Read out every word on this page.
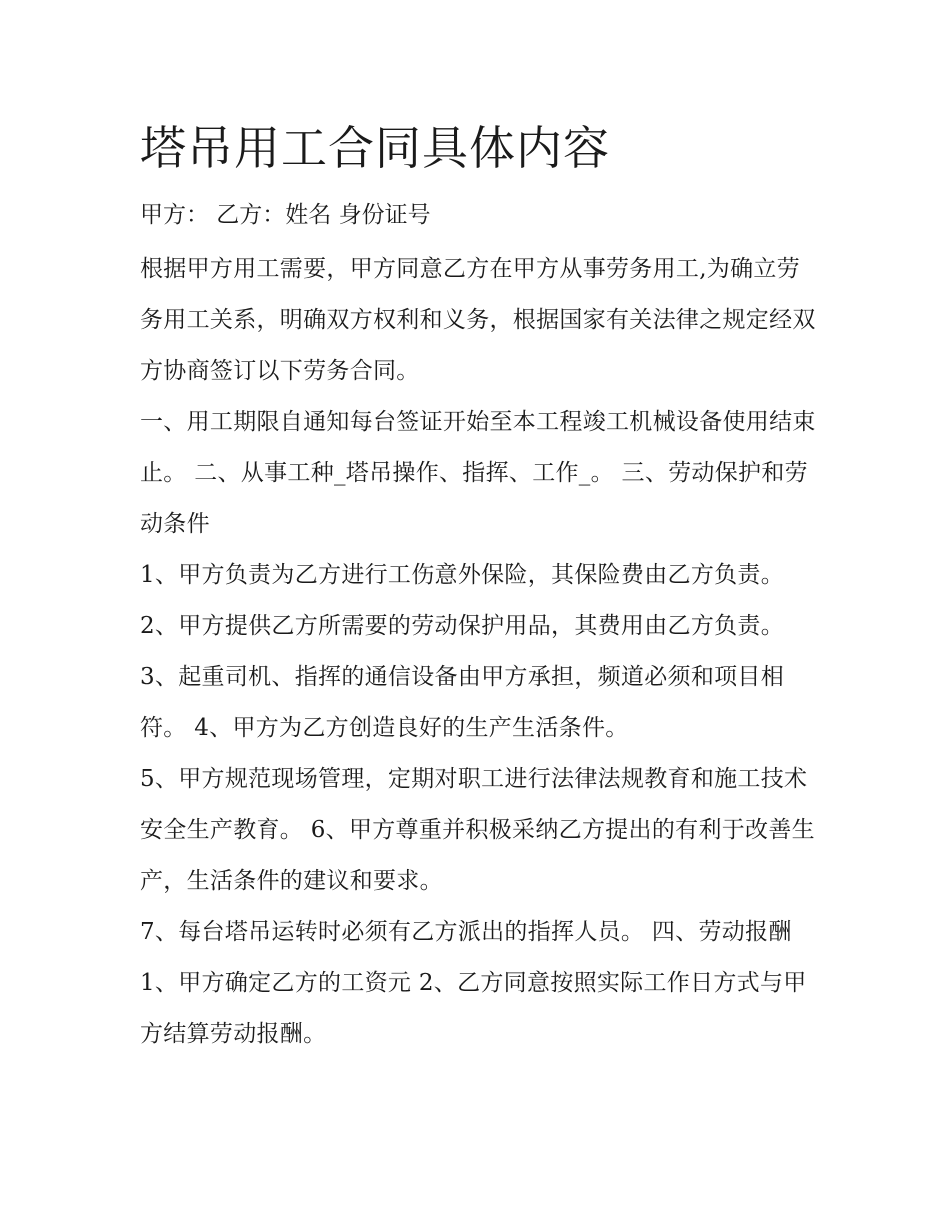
塔吊用工合同具体内容

甲方： 乙方：姓名 身份证号

根据甲方用工需要，甲方同意乙方在甲方从事劳务用工,为确立劳务用工关系，明确双方权利和义务，根据国家有关法律之规定经双方协商签订以下劳务合同。

一、用工期限自通知每台签证开始至本工程竣工机械设备使用结束止。 二、从事工种_塔吊操作、指挥、工作_。 三、劳动保护和劳动条件

1、甲方负责为乙方进行工伤意外保险，其保险费由乙方负责。 2、甲方提供乙方所需要的劳动保护用品，其费用由乙方负责。

3、起重司机、指挥的通信设备由甲方承担，频道必须和项目相符。 4、甲方为乙方创造良好的生产生活条件。

5、甲方规范现场管理，定期对职工进行法律法规教育和施工技术安全生产教育。 6、甲方尊重并积极采纳乙方提出的有利于改善生产，生活条件的建议和要求。

7、每台塔吊运转时必须有乙方派出的指挥人员。 四、劳动报酬 1、甲方确定乙方的工资元 2、乙方同意按照实际工作日方式与甲方结算劳动报酬。
